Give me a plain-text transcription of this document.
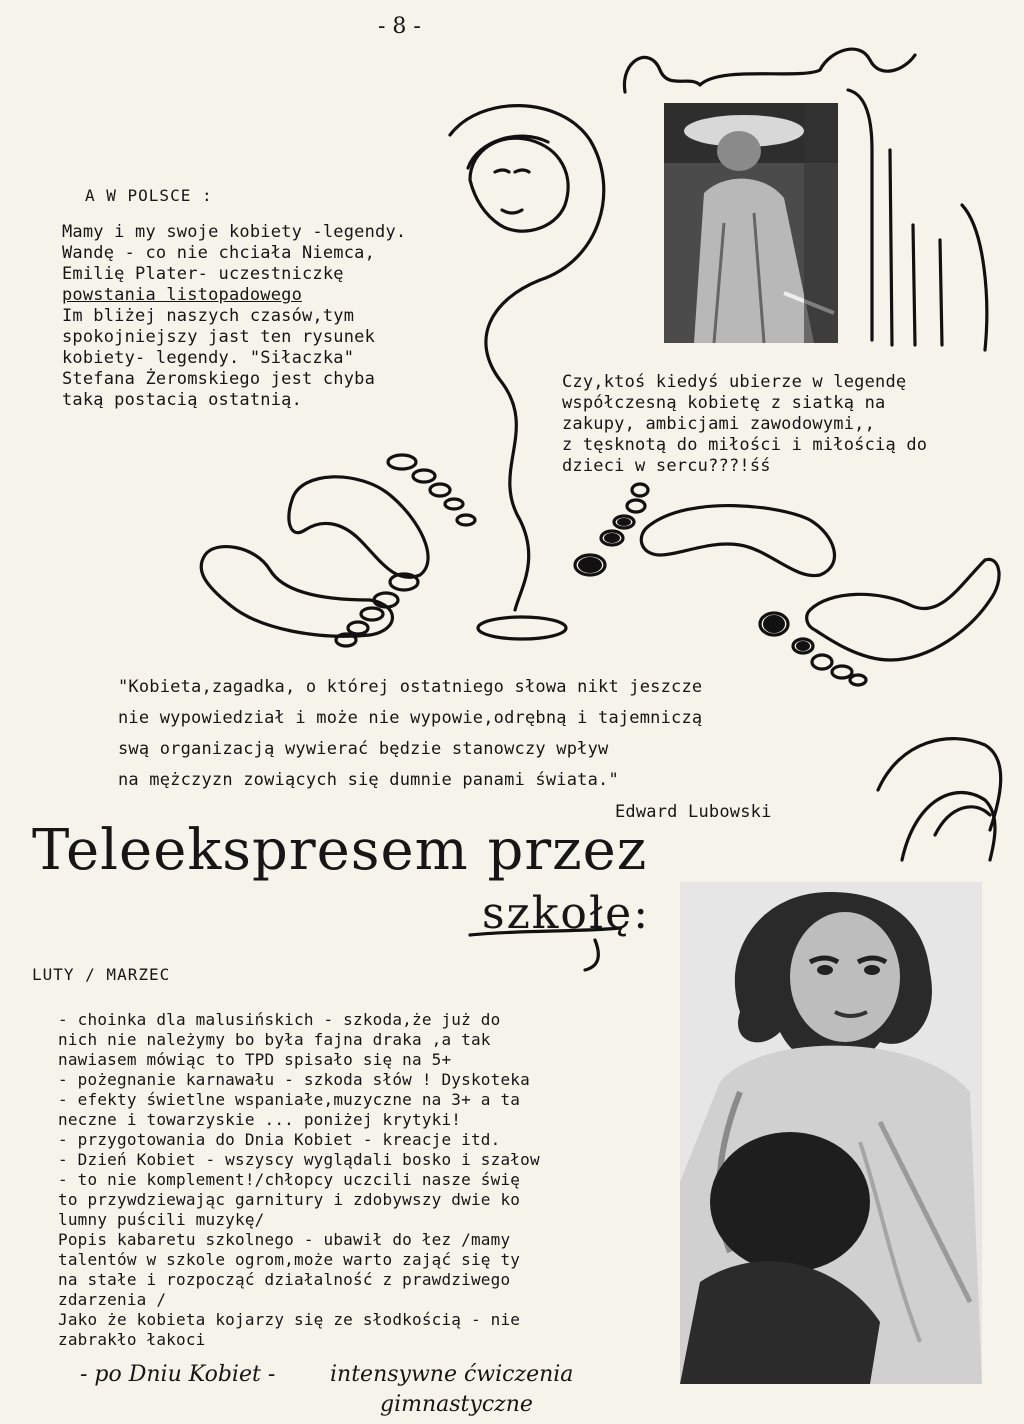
- 8 -
A W POLSCE :
Mamy i my swoje kobiety -legendy.
Wandę - co nie chciała Niemca,
Emilię Plater- uczestniczkę
powstania listopadowego
Im bliżej naszych czasów,tym
spokojniejszy jast ten rysunek
kobiety- legendy. "Siłaczka"
Stefana Żeromskiego jest chyba
taką postacią ostatnią.
Czy,ktoś kiedyś ubierze w legendę
współczesną kobietę z siatką na
zakupy, ambicjami zawodowymi,,
z tęsknotą do miłości i miłością do
dzieci w sercu???!śś
"Kobieta,zagadka, o której ostatniego słowa nikt jeszcze
nie wypowiedział i może nie wypowie,odrębną i tajemniczą
swą organizacją wywierać będzie stanowczy wpływ
na mężczyzn zowiących się dumnie panami świata."
Edward Lubowski
Teleekspresem przez
szkołę:
LUTY / MARZEC
- choinka dla malusińskich - szkoda,że już do
nich nie należymy bo była fajna draka ,a tak
nawiasem mówiąc to TPD spisało się na 5+
- pożegnanie karnawału - szkoda słów ! Dyskoteka
- efekty świetlne wspaniałe,muzyczne na 3+ a ta
neczne i towarzyskie ... poniżej krytyki!
- przygotowania do Dnia Kobiet - kreacje itd.
- Dzień Kobiet - wszyscy wyglądali bosko i szałow
- to nie komplement!/chłopcy uczcili nasze świę
to przywdziewając garnitury i zdobywszy dwie ko
lumny puścili muzykę/
Popis kabaretu szkolnego - ubawił do łez /mamy
talentów w szkole ogrom,może warto zająć się ty
na stałe i rozpocząć działalność z prawdziwego
zdarzenia /
Jako że kobieta kojarzy się ze słodkością - nie
zabrakło łakoci
- po Dniu Kobiet - intensywne ćwiczenia
gimnastyczne
